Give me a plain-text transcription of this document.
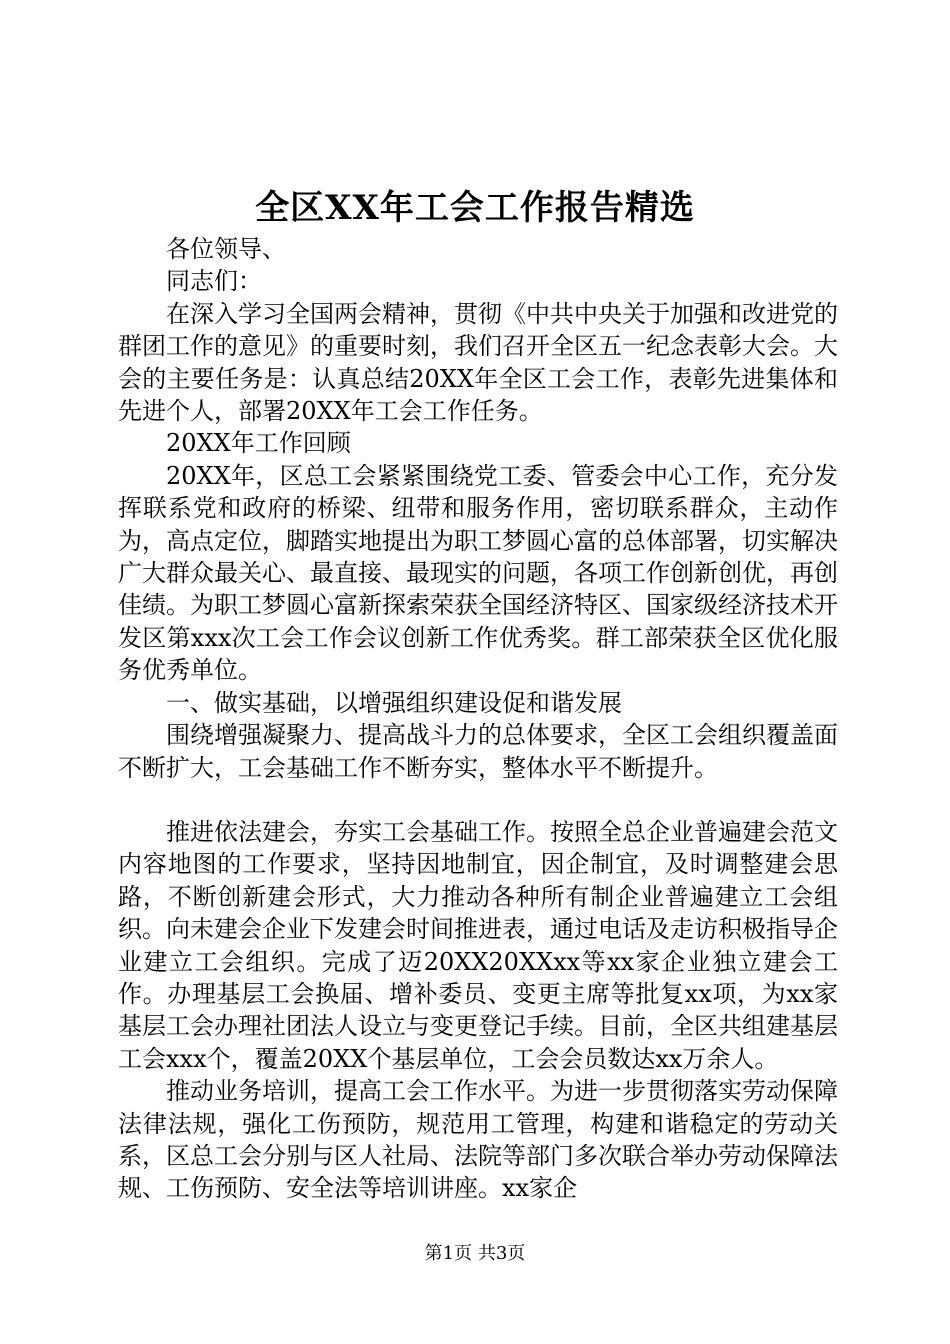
全区XX年工会工作报告精选

各位领导、

同志们：

在深入学习全国两会精神，贯彻《中共中央关于加强和改进党的群团工作的意见》的重要时刻，我们召开全区五一纪念表彰大会。大会的主要任务是：认真总结20XX年全区工会工作，表彰先进集体和先进个人，部署20XX年工会工作任务。

20XX年工作回顾

20XX年，区总工会紧紧围绕党工委、管委会中心工作，充分发挥联系党和政府的桥梁、纽带和服务作用，密切联系群众，主动作为，高点定位，脚踏实地提出为职工梦圆心富的总体部署，切实解决广大群众最关心、最直接、最现实的问题，各项工作创新创优，再创佳绩。为职工梦圆心富新探索荣获全国经济特区、国家级经济技术开发区第xxx次工会工作会议创新工作优秀奖。群工部荣获全区优化服务优秀单位。

一、做实基础，以增强组织建设促和谐发展

围绕增强凝聚力、提高战斗力的总体要求，全区工会组织覆盖面不断扩大，工会基础工作不断夯实，整体水平不断提升。

推进依法建会，夯实工会基础工作。按照全总企业普遍建会范文内容地图的工作要求，坚持因地制宜，因企制宜，及时调整建会思路，不断创新建会形式，大力推动各种所有制企业普遍建立工会组织。向未建会企业下发建会时间推进表，通过电话及走访积极指导企业建立工会组织。完成了迈20XX20XXxx等xx家企业独立建会工作。办理基层工会换届、增补委员、变更主席等批复xx项，为xx家基层工会办理社团法人设立与变更登记手续。目前，全区共组建基层工会xxx个，覆盖20XX个基层单位，工会会员数达xx万余人。

推动业务培训，提高工会工作水平。为进一步贯彻落实劳动保障法律法规，强化工伤预防，规范用工管理，构建和谐稳定的劳动关系，区总工会分别与区人社局、法院等部门多次联合举办劳动保障法规、工伤预防、安全法等培训讲座。xx家企

第1页 共3页
